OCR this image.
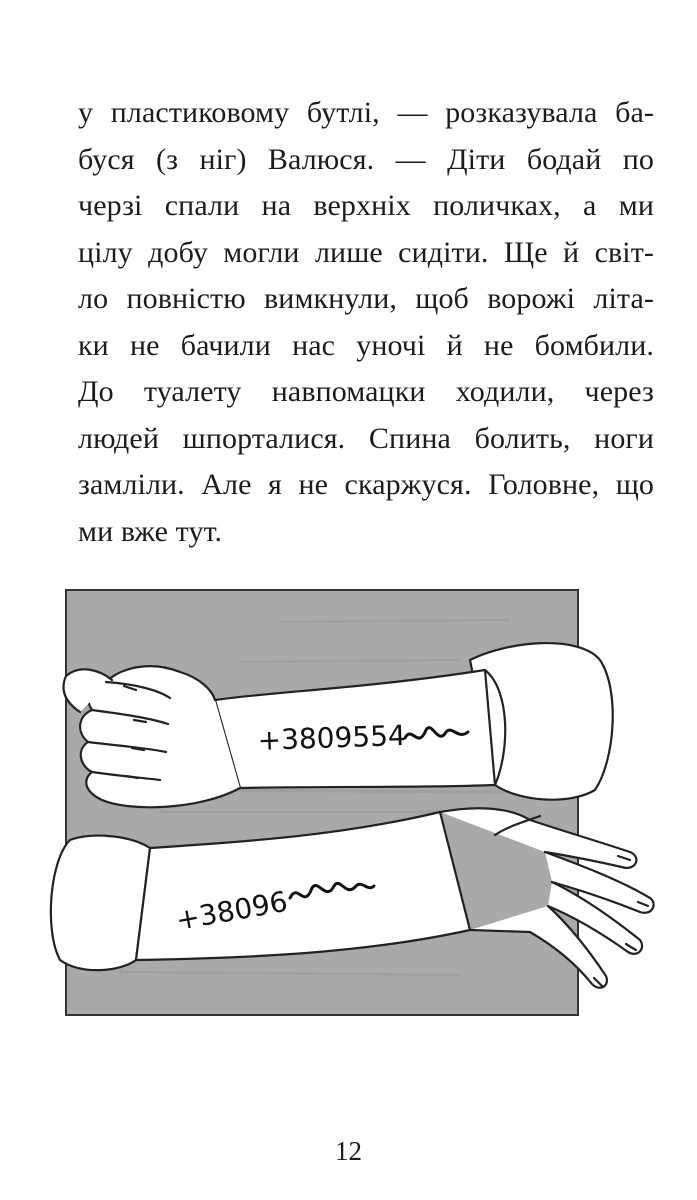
у пластиковому бутлі, — розказувала ба-
буся (з ніг) Валюся. — Діти бодай по
черзі спали на верхніх поличках, а ми
цілу добу могли лише сидіти. Ще й світ-
ло повністю вимкнули, щоб ворожі літа-
ки не бачили нас уночі й не бомбили.
До туалету навпомацки ходили, через
людей шпорталися. Спина болить, ноги
замліли. Але я не скаржуся. Головне, що
ми вже тут.
+3809554
+38096
12
